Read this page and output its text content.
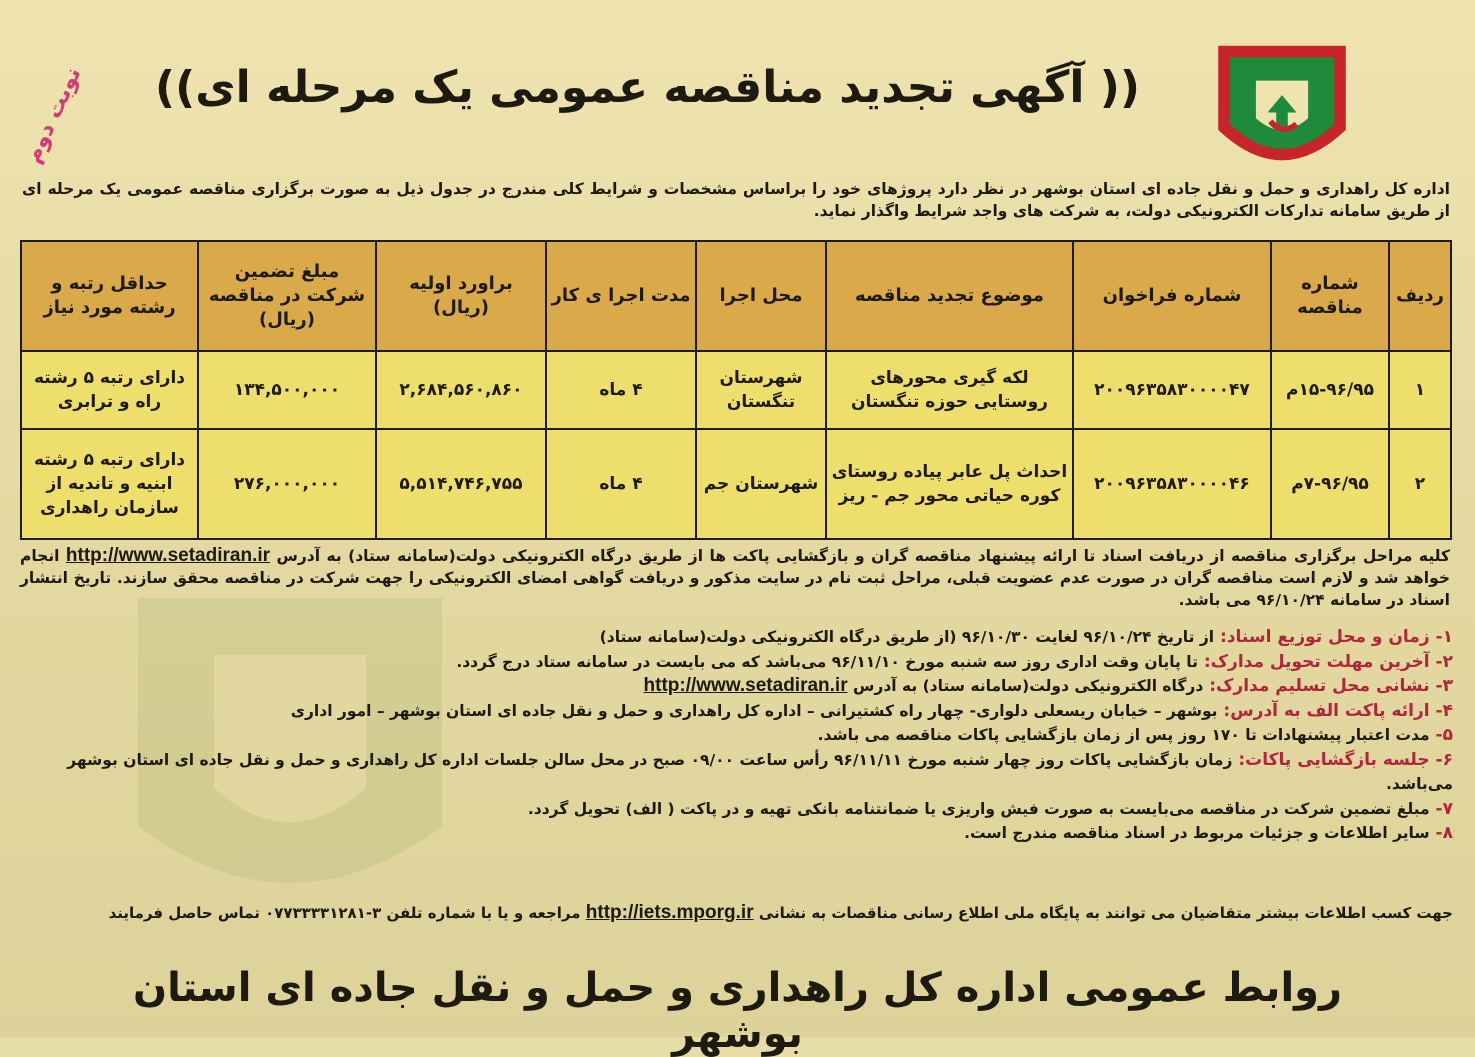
نوبت دوم	(( آگهی تجدید مناقصه عمومی یک مرحله ای))
اداره کل راهداری و حمل و نقل جاده ای استان بوشهر در نظر دارد پروژهای خود را براساس مشخصات و شرایط کلی مندرج در جدول ذیل به صورت برگزاری مناقصه عمومی یک مرحله ای از طریق سامانه تدارکات الکترونیکی دولت، به شرکت های واجد شرایط واگذار نماید.
ردیف	شماره مناقصه	شماره فراخوان	موضوع تجدید مناقصه	محل اجرا	مدت اجرا ی کار	براورد اولیه (ریال)	مبلغ تضمین شرکت در مناقصه (ریال)	حداقل رتبه و رشته مورد نیاز
۱	۱۵-۹۶/۹۵م	۲۰۰۹۶۳۵۸۳۰۰۰۰۴۷	لکه گیری محورهای روستایی حوزه تنگستان	شهرستان تنگستان	۴ ماه	۲,۶۸۴,۵۶۰,۸۶۰	۱۳۴,۵۰۰,۰۰۰	دارای رتبه ۵ رشته راه و ترابری
۲	۷-۹۶/۹۵م	۲۰۰۹۶۳۵۸۳۰۰۰۰۴۶	احداث پل عابر پیاده روستای کوره حیاتی محور جم - ریز	شهرستان جم	۴ ماه	۵,۵۱۴,۷۴۶,۷۵۵	۲۷۶,۰۰۰,۰۰۰	دارای رتبه ۵ رشته ابنیه و تاندیه از سازمان راهداری
کلیه مراحل برگزاری مناقصه از دریافت اسناد تا ارائه پیشنهاد مناقصه گران و بازگشایی پاکت ها از طریق درگاه الکترونیکی دولت(سامانه ستاد) به آدرس http://www.setadiran.ir انجام خواهد شد و لازم است مناقصه گران در صورت عدم عضویت قبلی، مراحل ثبت نام در سایت مذکور و دریافت گواهی امضای الکترونیکی را جهت شرکت در مناقصه محقق سازند. تاریخ انتشار اسناد در سامانه ۹۶/۱۰/۲۴ می باشد.
۱- زمان و محل توزیع اسناد: از تاریخ ۹۶/۱۰/۲۴ لغایت ۹۶/۱۰/۳۰ (از طریق درگاه الکترونیکی دولت(سامانه ستاد)
۲- آخرین مهلت تحویل مدارک: تا پایان وقت اداری روز سه شنبه مورخ ۹۶/۱۱/۱۰ می‌باشد که می بایست در سامانه ستاد درج گردد.
۳- نشانی محل تسلیم مدارک: درگاه الکترونیکی دولت(سامانه ستاد) به آدرس http://www.setadiran.ir
۴- ارائه پاکت الف به آدرس: بوشهر – خیابان ریسعلی دلواری- چهار راه کشتیرانی – اداره کل راهداری و حمل و نقل جاده ای استان بوشهر – امور اداری
۵- مدت اعتبار پیشنهادات تا ۱۷۰ روز پس از زمان بازگشایی پاکات مناقصه می باشد.
۶- جلسه بازگشایی پاکات: زمان بازگشایی پاکات روز چهار شنبه مورخ ۹۶/۱۱/۱۱ رأس ساعت ۰۹/۰۰ صبح در محل سالن جلسات اداره کل راهداری و حمل و نقل جاده ای استان بوشهر می‌باشد.
۷- مبلغ تضمین شرکت در مناقصه می‌بایست به صورت فیش واریزی یا ضمانتنامه بانکی تهیه و در پاکت ( الف) تحویل گردد.
۸- سایر اطلاعات و جزئیات مربوط در اسناد مناقصه مندرج است.
جهت کسب اطلاعات بیشتر متقاضیان می توانند به پایگاه ملی اطلاع رسانی مناقصات به نشانی http://iets.mporg.ir مراجعه و یا با شماره تلفن ۳-۰۷۷۳۳۳۳۱۲۸۱ تماس حاصل فرمایند
روابط عمومی اداره کل راهداری و حمل و نقل جاده ای استان بوشهر
